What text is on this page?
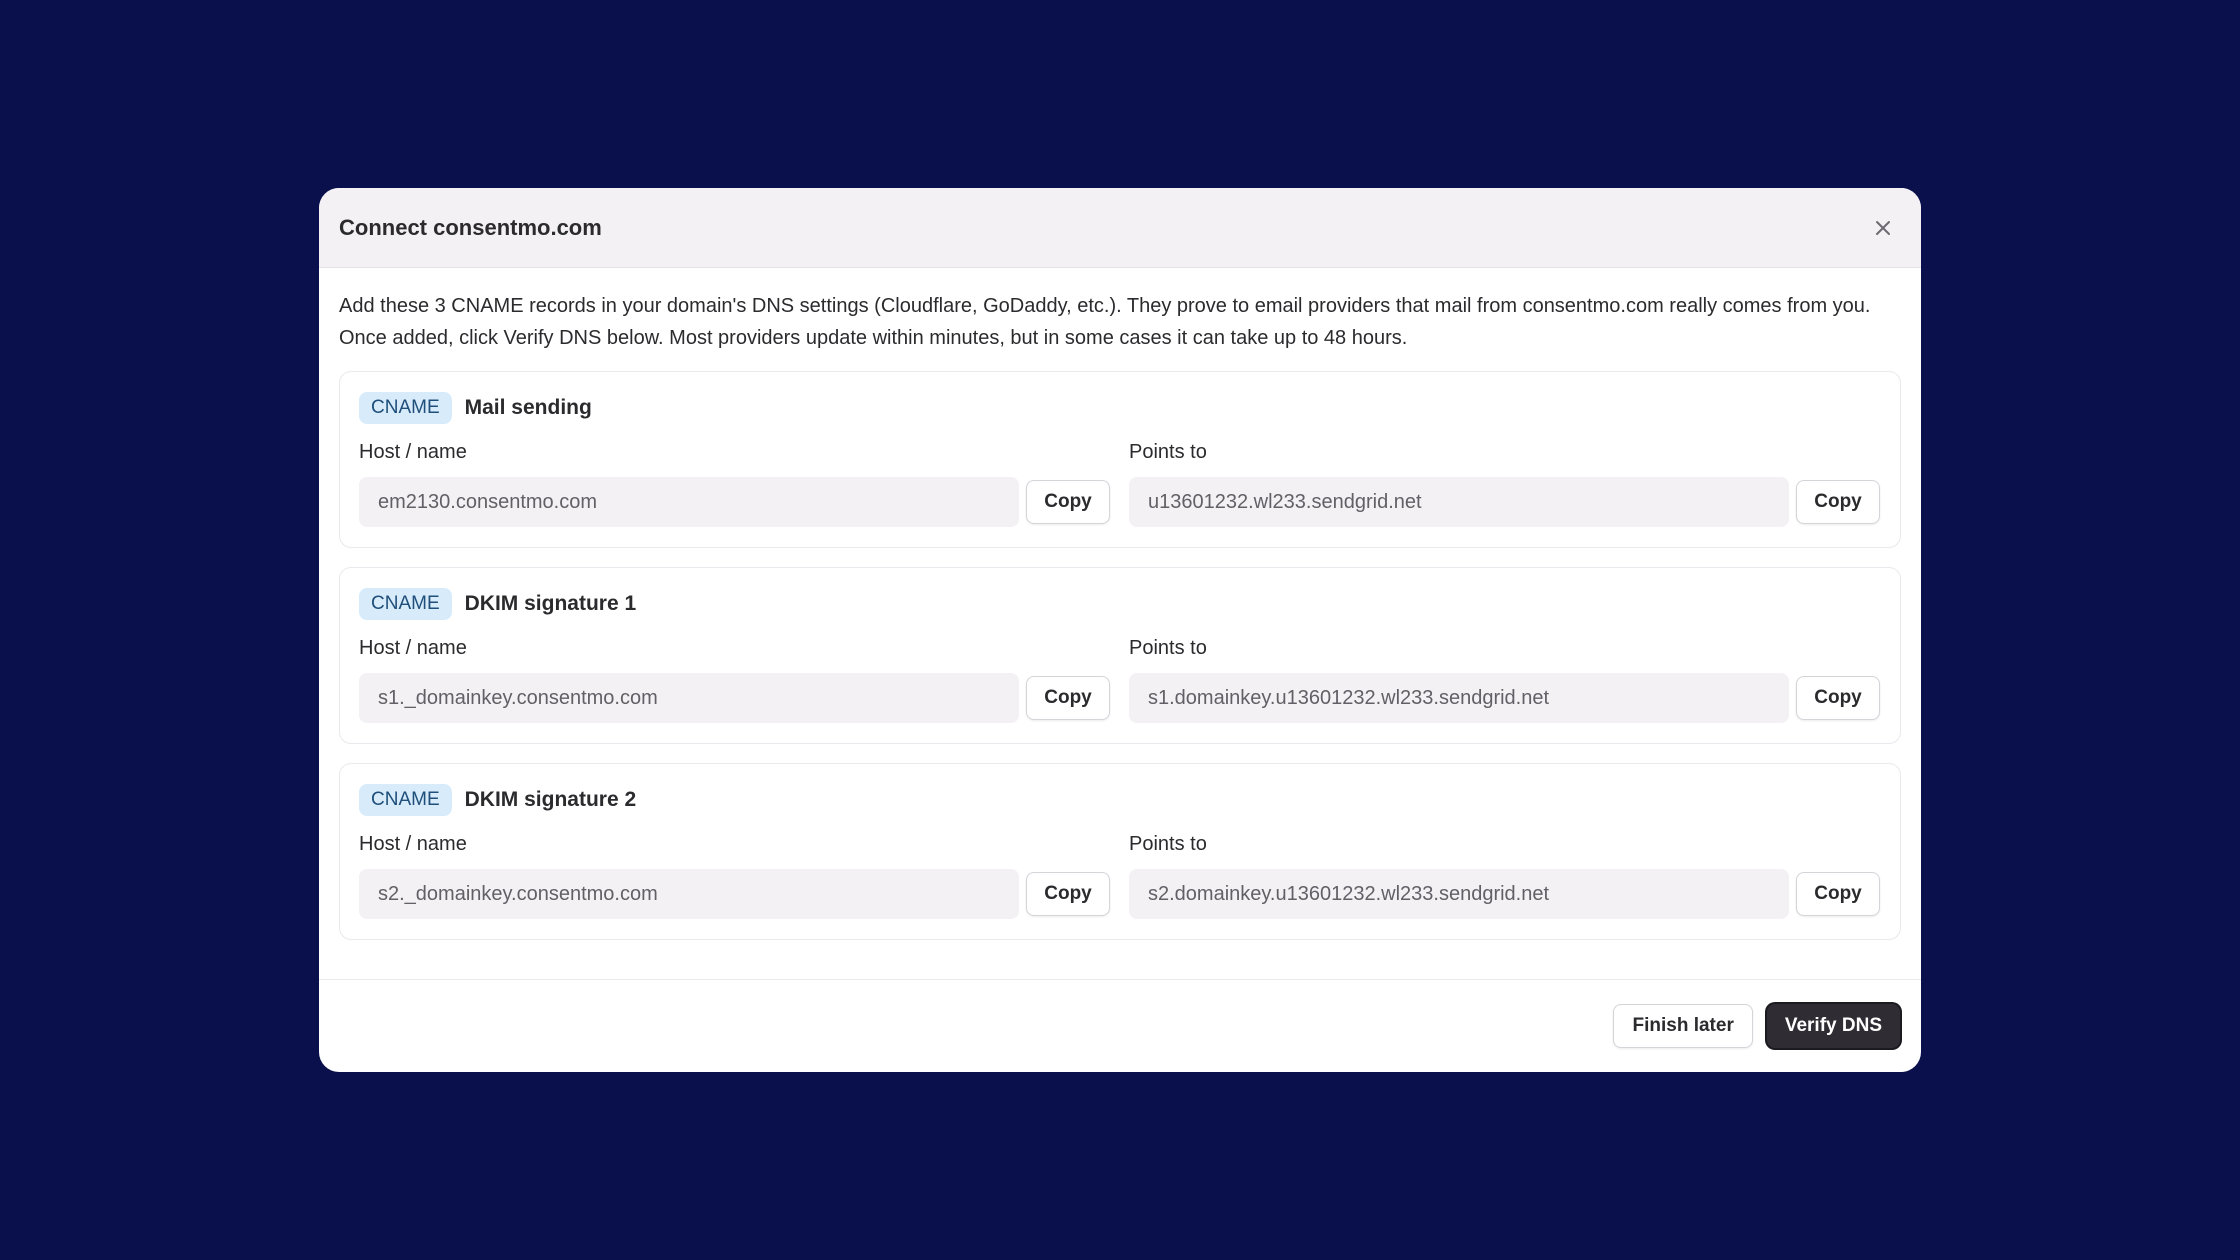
Connect consentmo.com

Add these 3 CNAME records in your domain's DNS settings (Cloudflare, GoDaddy, etc.). They prove to email providers that mail from consentmo.com really comes from you. Once added, click Verify DNS below. Most providers update within minutes, but in some cases it can take up to 48 hours.

CNAME	Mail sending
Host / name
em2130.consentmo.com	Copy
Points to
u13601232.wl233.sendgrid.net	Copy
CNAME	DKIM signature 1
Host / name
s1._domainkey.consentmo.com	Copy
Points to
s1.domainkey.u13601232.wl233.sendgrid.net	Copy
CNAME	DKIM signature 2
Host / name
s2._domainkey.consentmo.com	Copy
Points to
s2.domainkey.u13601232.wl233.sendgrid.net	Copy
Finish later	Verify DNS
